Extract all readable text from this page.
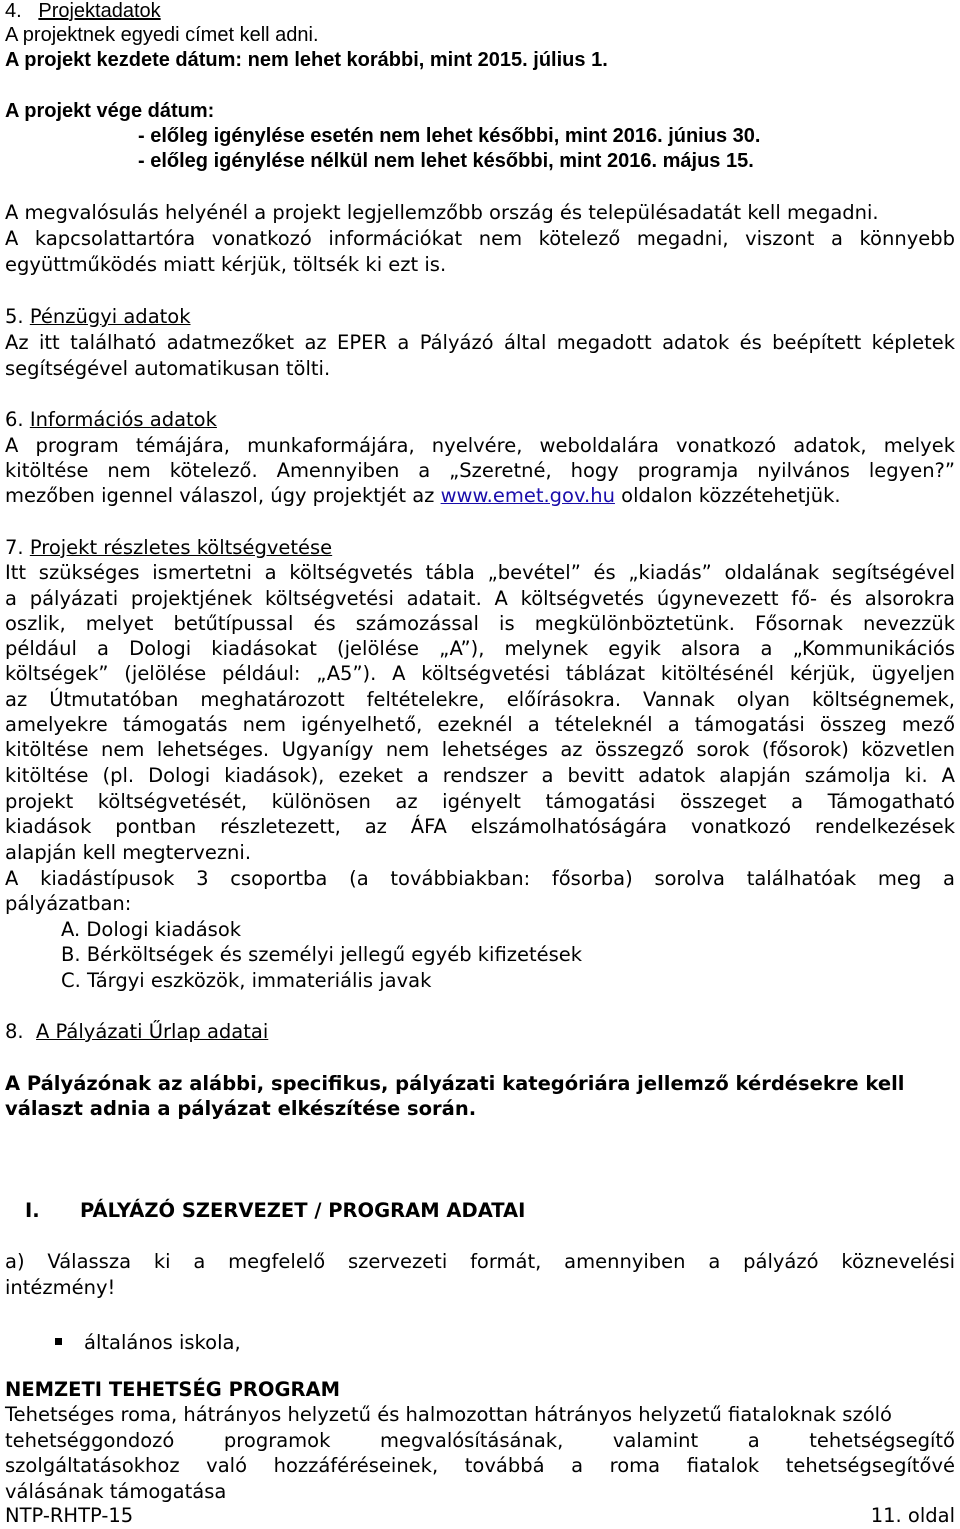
4. Projektadatok
A projektnek egyedi címet kell adni.
A projekt kezdete dátum: nem lehet korábbi, mint 2015. július 1.
A projekt vége dátum:
- előleg igénylése esetén nem lehet későbbi, mint 2016. június 30.
- előleg igénylése nélkül nem lehet későbbi, mint 2016. május 15.
A megvalósulás helyénél a projekt legjellemzőbb ország és településadatát kell megadni.
A kapcsolattartóra vonatkozó információkat nem kötelező megadni, viszont a könnyebb
együttműködés miatt kérjük, töltsék ki ezt is.
5. Pénzügyi adatok
Az itt található adatmezőket az EPER a Pályázó által megadott adatok és beépített képletek
segítségével automatikusan tölti.
6. Információs adatok
A program témájára, munkaformájára, nyelvére, weboldalára vonatkozó adatok, melyek
kitöltése nem kötelező. Amennyiben a „Szeretné, hogy programja nyilvános legyen?”
mezőben igennel válaszol, úgy projektjét az www.emet.gov.hu oldalon közzétehetjük.
7. Projekt részletes költségvetése
Itt szükséges ismertetni a költségvetés tábla „bevétel” és „kiadás” oldalának segítségével
a pályázati projektjének költségvetési adatait. A költségvetés úgynevezett fő- és alsorokra
oszlik, melyet betűtípussal és számozással is megkülönböztetünk. Fősornak nevezzük
például a Dologi kiadásokat (jelölése „A”), melynek egyik alsora a „Kommunikációs
költségek” (jelölése például: „A5”). A költségvetési táblázat kitöltésénél kérjük, ügyeljen
az Útmutatóban meghatározott feltételekre, előírásokra. Vannak olyan költségnemek,
amelyekre támogatás nem igényelhető, ezeknél a tételeknél a támogatási összeg mező
kitöltése nem lehetséges. Ugyanígy nem lehetséges az összegző sorok (fősorok) közvetlen
kitöltése (pl. Dologi kiadások), ezeket a rendszer a bevitt adatok alapján számolja ki. A
projekt költségvetését, különösen az igényelt támogatási összeget a Támogatható
kiadások pontban részletezett, az ÁFA elszámolhatóságára vonatkozó rendelkezések
alapján kell megtervezni.
A kiadástípusok 3 csoportba (a továbbiakban: fősorba) sorolva találhatóak meg a
pályázatban:
A. Dologi kiadások
B. Bérköltségek és személyi jellegű egyéb kifizetések
C. Tárgyi eszközök, immateriális javak
8. A Pályázati Űrlap adatai
A Pályázónak az alábbi, specifikus, pályázati kategóriára jellemző kérdésekre kell
választ adnia a pályázat elkészítése során.
I. PÁLYÁZÓ SZERVEZET / PROGRAM ADATAI
a) Válassza ki a megfelelő szervezeti formát, amennyiben a pályázó köznevelési
intézmény!
általános iskola,
NEMZETI TEHETSÉG PROGRAM
Tehetséges roma, hátrányos helyzetű és halmozottan hátrányos helyzetű fiataloknak szóló
tehetséggondozó programok megvalósításának, valamint a tehetségsegítő
szolgáltatásokhoz való hozzáféréseinek, továbbá a roma fiatalok tehetségsegítővé
válásának támogatása
NTP-RHTP-15	11. oldal
